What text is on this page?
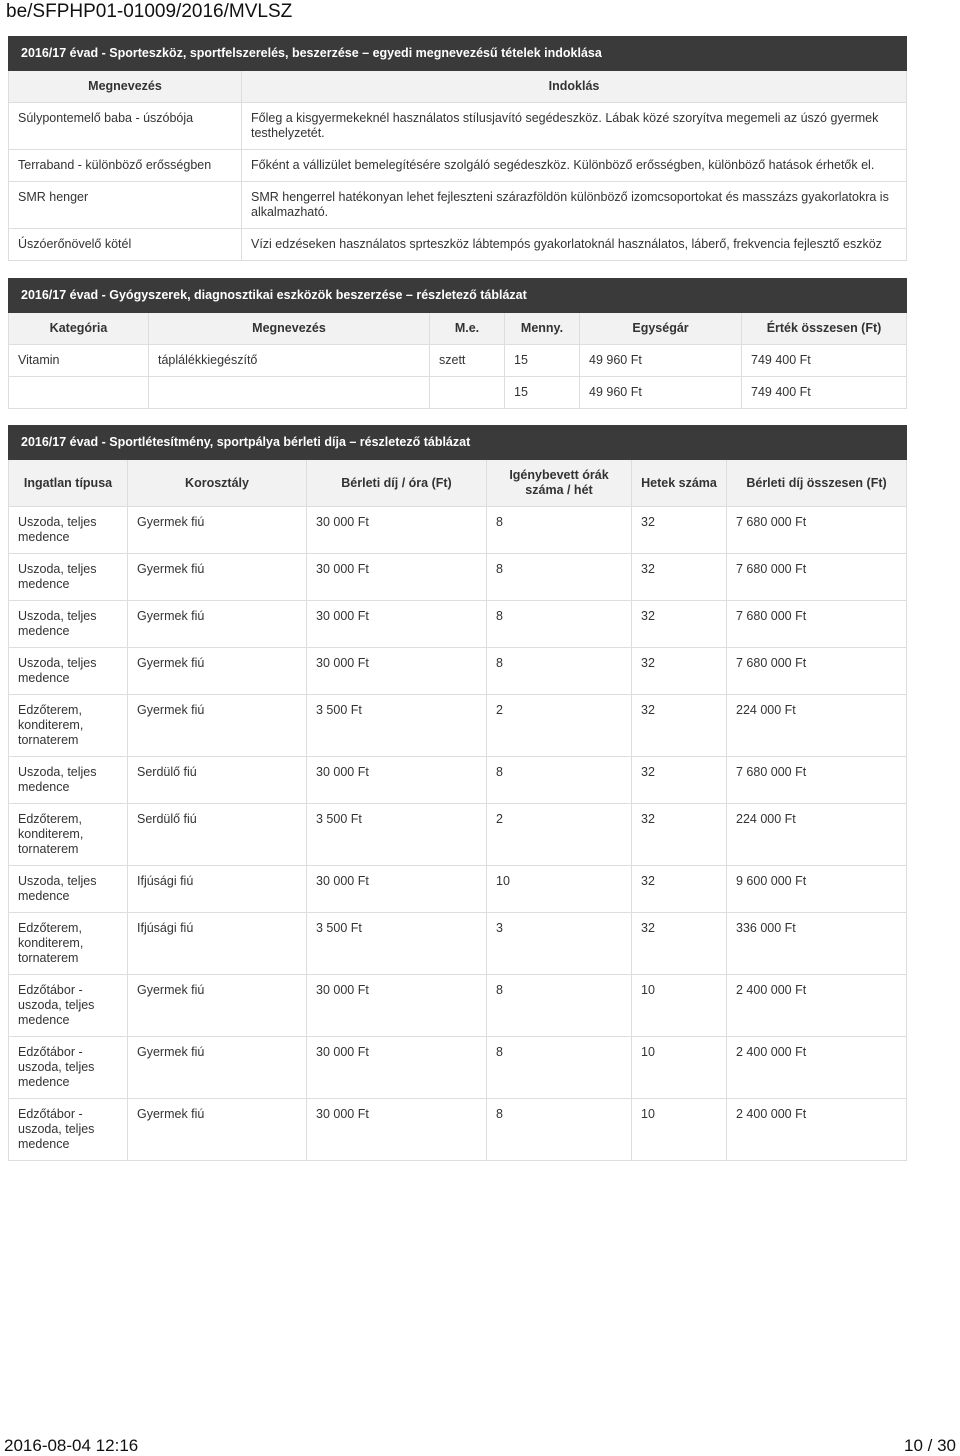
be/SFPHP01-01009/2016/MVLSZ
2016/17 évad - Sporteszköz, sportfelszerelés, beszerzése – egyedi megnevezésű tételek indoklása	
Megnevezés	Indoklás
Súlypontemelő baba - úszóbója	Főleg a kisgyermekeknél használatos stílusjavító segédeszköz. Lábak közé szoryítva megemeli az úszó gyermek testhelyzetét.
Terraband - különböző erősségben	Főként a vállizület bemelegítésére szolgáló segédeszköz. Különböző erősségben, különböző hatások érhetők el.
SMR henger	SMR hengerrel hatékonyan lehet fejleszteni szárazföldön különböző izomcsoportokat és masszázs gyakorlatokra is alkalmazható.
Úszóerőnövelő kötél	Vízi edzéseken használatos sprteszköz lábtempós gyakorlatoknál használatos, láberő, frekvencia fejlesztő eszköz
2016/17 évad - Gyógyszerek, diagnosztikai eszközök beszerzése – részletező táblázat					
Kategória	Megnevezés	M.e.	Menny.	Egységár	Érték összesen (Ft)
Vitamin	táplálékkiegészítő	szett	15	49 960 Ft	749 400 Ft
			15	49 960 Ft	749 400 Ft
2016/17 évad - Sportlétesítmény, sportpálya bérleti díja – részletező táblázat					
Ingatlan típusa	Korosztály	Bérleti díj / óra (Ft)	Igénybevett órák száma / hét	Hetek száma	Bérleti díj összesen (Ft)
Uszoda, teljes medence	Gyermek fiú	30 000 Ft	8	32	7 680 000 Ft
Uszoda, teljes medence	Gyermek fiú	30 000 Ft	8	32	7 680 000 Ft
Uszoda, teljes medence	Gyermek fiú	30 000 Ft	8	32	7 680 000 Ft
Uszoda, teljes medence	Gyermek fiú	30 000 Ft	8	32	7 680 000 Ft
Edzőterem, konditerem, tornaterem	Gyermek fiú	3 500 Ft	2	32	224 000 Ft
Uszoda, teljes medence	Serdülő fiú	30 000 Ft	8	32	7 680 000 Ft
Edzőterem, konditerem, tornaterem	Serdülő fiú	3 500 Ft	2	32	224 000 Ft
Uszoda, teljes medence	Ifjúsági fiú	30 000 Ft	10	32	9 600 000 Ft
Edzőterem, konditerem, tornaterem	Ifjúsági fiú	3 500 Ft	3	32	336 000 Ft
Edzőtábor - uszoda, teljes medence	Gyermek fiú	30 000 Ft	8	10	2 400 000 Ft
Edzőtábor - uszoda, teljes medence	Gyermek fiú	30 000 Ft	8	10	2 400 000 Ft
Edzőtábor - uszoda, teljes medence	Gyermek fiú	30 000 Ft	8	10	2 400 000 Ft
2016-08-04 12:16	10 / 30
